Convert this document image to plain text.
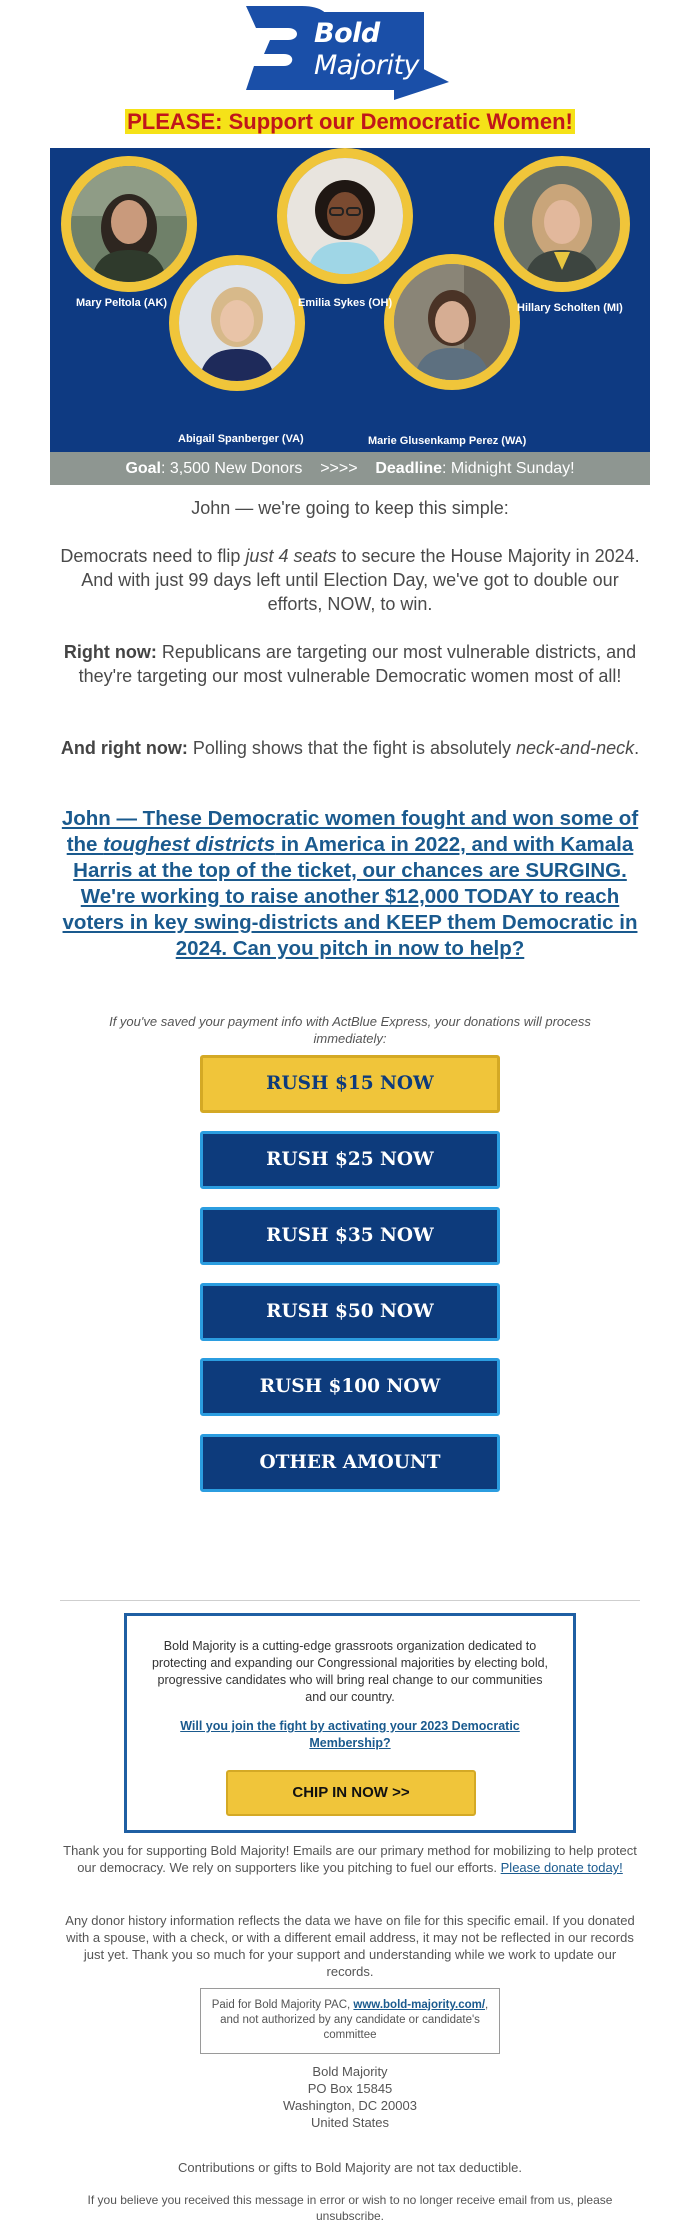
Bold
Majority
PLEASE: Support our Democratic Women!
Mary Peltola (AK)	Emilia Sykes (OH)	Hillary Scholten (MI)
Abigail Spanberger (VA)	Marie Glusenkamp Perez (WA)
Goal: 3,500 New Donors >>>> Deadline: Midnight Sunday!
John — we're going to keep this simple:
Democrats need to flip just 4 seats to secure the House Majority in 2024. And with just 99 days left until Election Day, we've got to double our efforts, NOW, to win.
Right now: Republicans are targeting our most vulnerable districts, and they're targeting our most vulnerable Democratic women most of all!
And right now: Polling shows that the fight is absolutely neck-and-neck.
John — These Democratic women fought and won some of the toughest districts in America in 2022, and with Kamala Harris at the top of the ticket, our chances are SURGING. We're working to raise another $12,000 TODAY to reach voters in key swing-districts and KEEP them Democratic in 2024. Can you pitch in now to help?
If you've saved your payment info with ActBlue Express, your donations will process immediately:
RUSH $15 NOW
RUSH $25 NOW
RUSH $35 NOW
RUSH $50 NOW
RUSH $100 NOW
OTHER AMOUNT
Bold Majority is a cutting-edge grassroots organization dedicated to protecting and expanding our Congressional majorities by electing bold, progressive candidates who will bring real change to our communities and our country.
Will you join the fight by activating your 2023 Democratic Membership?
CHIP IN NOW >>
Thank you for supporting Bold Majority! Emails are our primary method for mobilizing to help protect our democracy. We rely on supporters like you pitching to fuel our efforts. Please donate today!
Any donor history information reflects the data we have on file for this specific email. If you donated with a spouse, with a check, or with a different email address, it may not be reflected in our records just yet. Thank you so much for your support and understanding while we work to update our records.
Paid for Bold Majority PAC, www.bold-majority.com/, and not authorized by any candidate or candidate's committee
Bold Majority
PO Box 15845
Washington, DC 20003
United States
Contributions or gifts to Bold Majority are not tax deductible.
If you believe you received this message in error or wish to no longer receive email from us, please unsubscribe.
